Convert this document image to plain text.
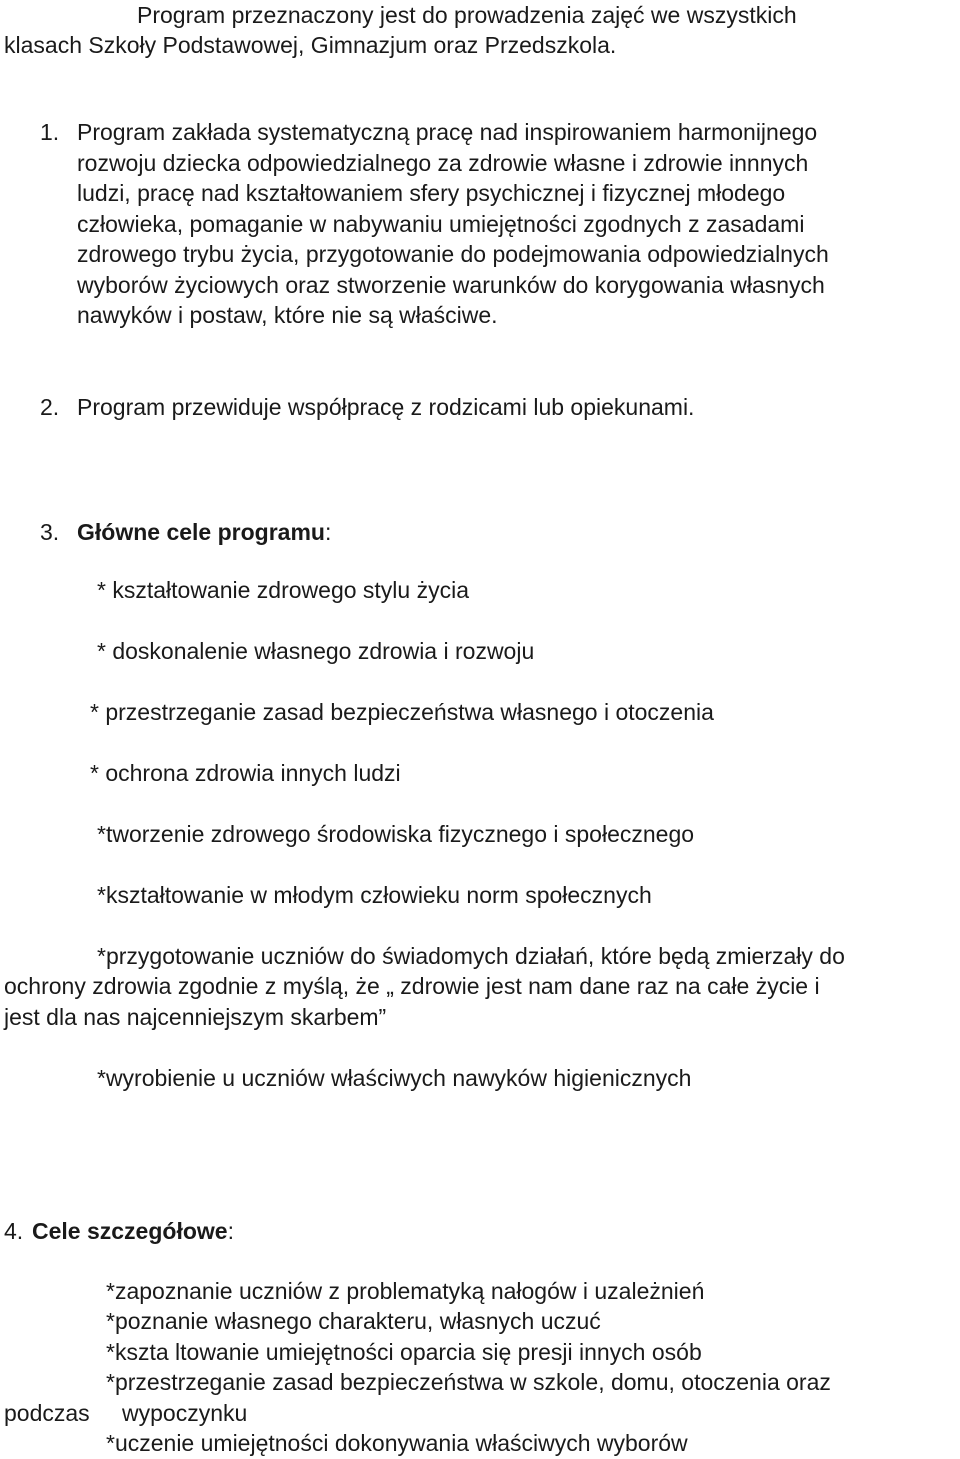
Program przeznaczony jest do prowadzenia zajęć we wszystkich

klasach Szkoły Podstawowej, Gimnazjum oraz Przedszkola.

1. Program zakłada systematyczną pracę nad inspirowaniem harmonijnego

rozwoju dziecka odpowiedzialnego za zdrowie własne i zdrowie innnych

ludzi, pracę nad kształtowaniem sfery psychicznej i fizycznej młodego

człowieka, pomaganie w nabywaniu umiejętności zgodnych z zasadami

zdrowego trybu życia, przygotowanie do podejmowania odpowiedzialnych

wyborów życiowych oraz stworzenie warunków do korygowania własnych

nawyków i postaw, które nie są właściwe.

2. Program przewiduje współpracę z rodzicami lub opiekunami.

3. Główne cele programu:

* kształtowanie zdrowego stylu życia

* doskonalenie własnego zdrowia i rozwoju

* przestrzeganie zasad bezpieczeństwa własnego i otoczenia

* ochrona zdrowia innych ludzi

*tworzenie zdrowego środowiska fizycznego i społecznego

*kształtowanie w młodym człowieku norm społecznych

*przygotowanie uczniów do świadomych działań, które będą zmierzały do

ochrony zdrowia zgodnie z myślą, że „ zdrowie jest nam dane raz na całe życie i

jest dla nas najcenniejszym skarbem”

*wyrobienie u uczniów właściwych nawyków higienicznych

4. Cele szczegółowe:

*zapoznanie uczniów z problematyką nałogów i uzależnień

*poznanie własnego charakteru, własnych uczuć

*kszta ltowanie umiejętności oparcia się presji innych osób

*przestrzeganie zasad bezpieczeństwa w szkole, domu, otoczenia oraz

podczas wypoczynku

*uczenie umiejętności dokonywania właściwych wyborów
